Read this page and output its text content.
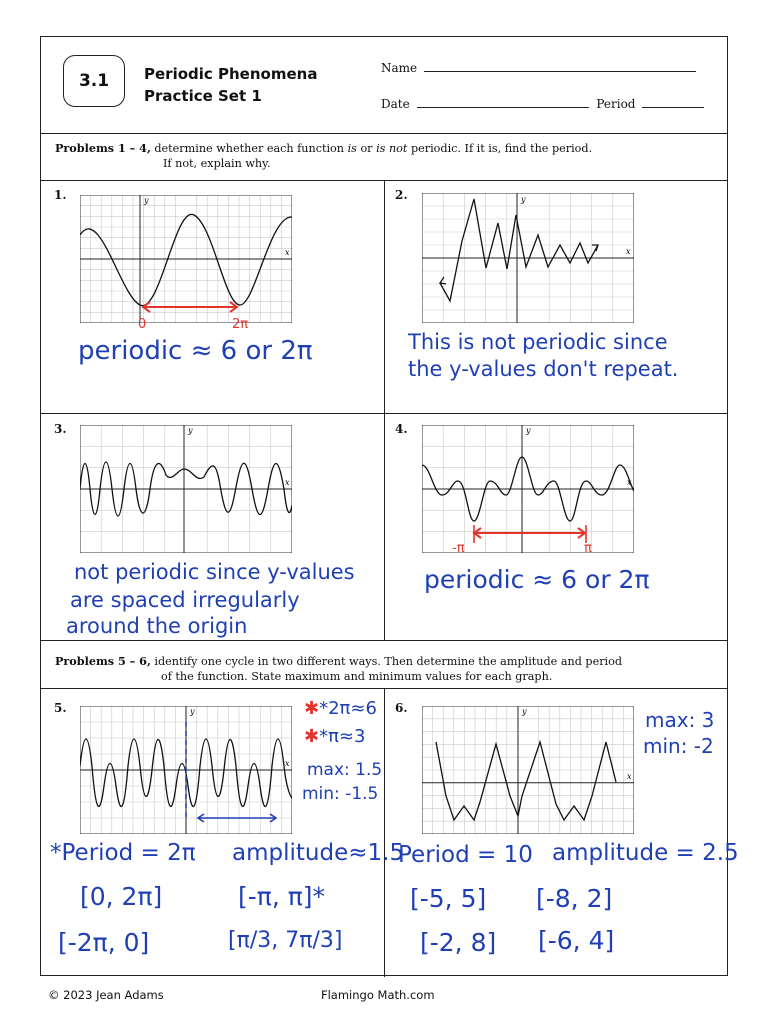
3.1	Periodic Phenomena
Practice Set 1
Name
Date	Period
Problems 1 – 4, determine whether each function is or is not periodic. If it is, find the period.
If not, explain why.
Problems 5 – 6, identify one cycle in two different ways. Then determine the amplitude and period
of the function. State maximum and minimum values for each graph.
1.	y
x
0	2π
periodic ≈ 6 or 2π
2.	y
x
This is not periodic since
the y-values don't repeat.
3.	y
x
not periodic since y-values
are spaced irregularly
around the origin
4.	y
x
-π	π
periodic ≈ 6 or 2π
5.	y
x
✱*2π≈6
✱*π≈3
max: 1.5
min: -1.5
*Period = 2π amplitude≈1.5
[0, 2π]	[-π, π]*
[-2π, 0]	[π/3, 7π/3]
6.	y
x
max: 3
min: -2
Period = 10 amplitude = 2.5
[-5, 5] [-8, 2]
[-2, 8] [-6, 4]
© 2023 Jean Adams	Flamingo Math.com
